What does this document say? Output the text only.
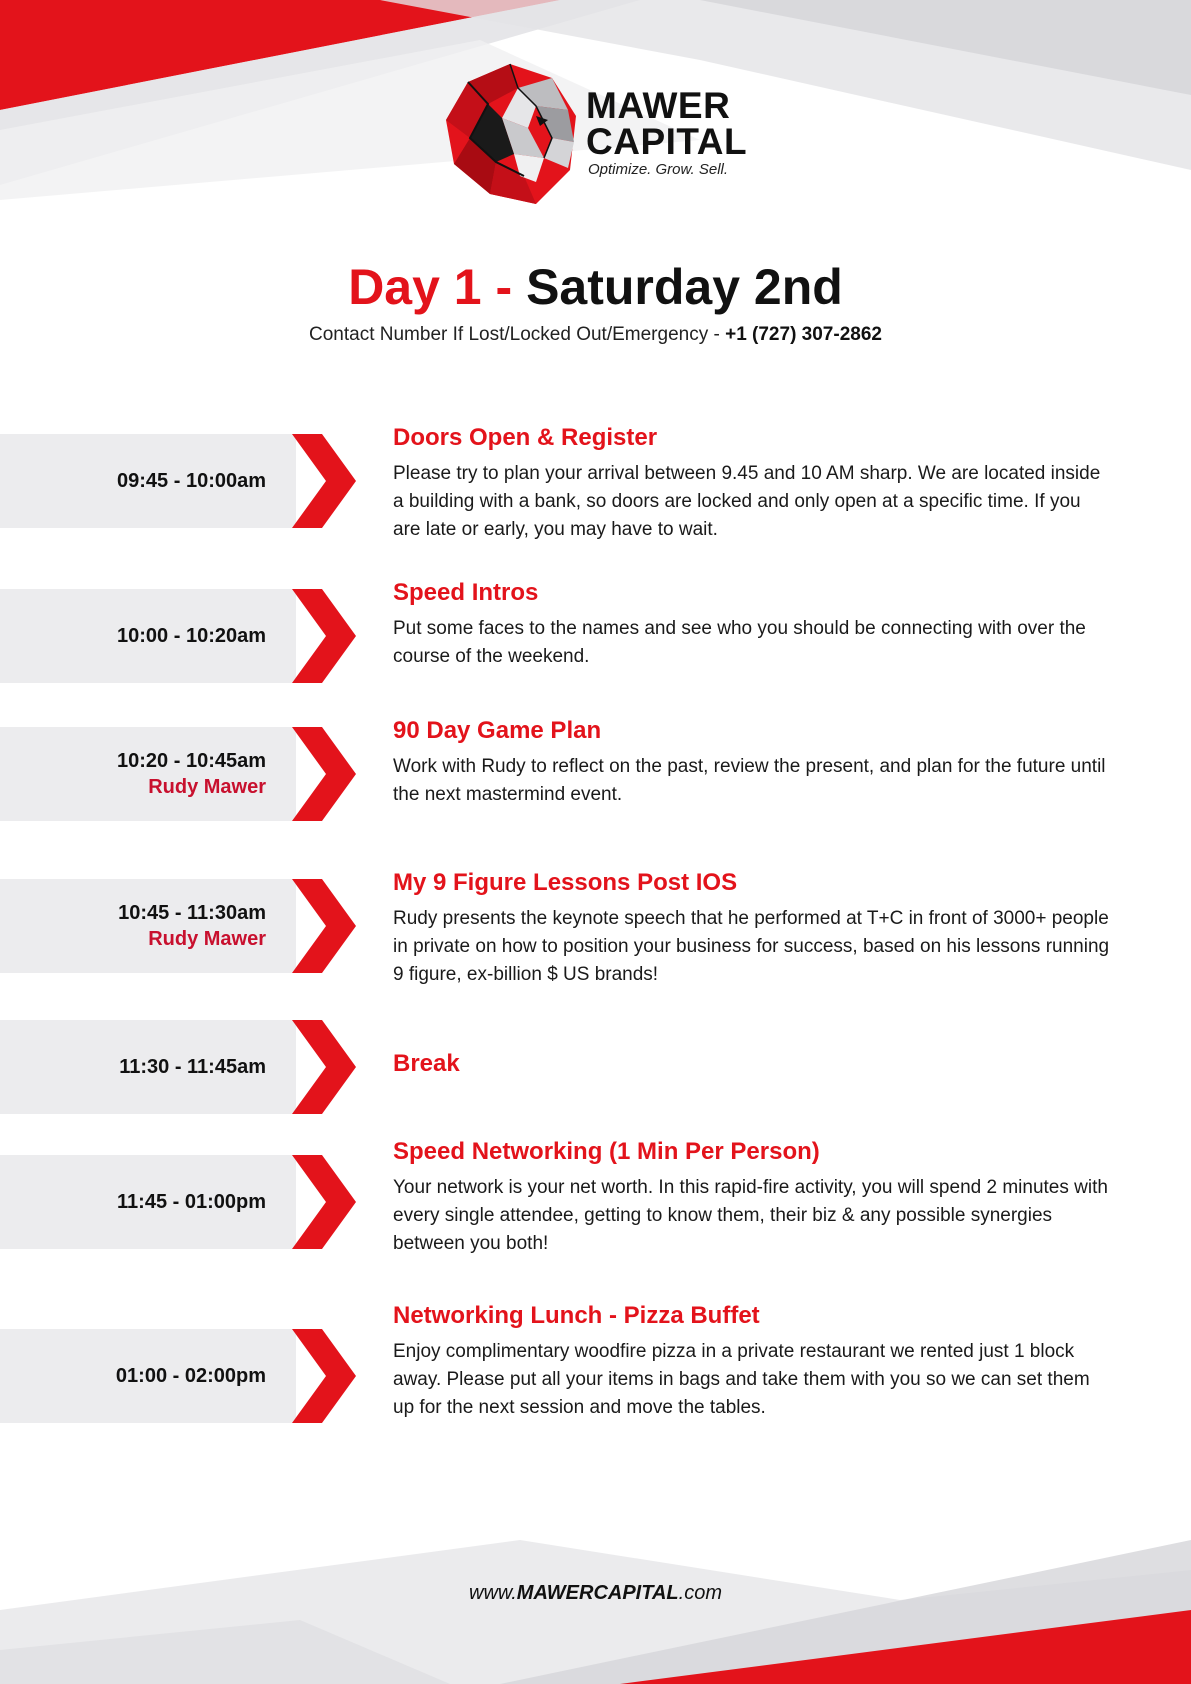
MAWER
CAPITAL
Optimize. Grow. Sell.
Day 1 - Saturday 2nd
Contact Number If Lost/Locked Out/Emergency - +1 (727) 307-2862
09:45 - 10:00am
Doors Open & Register
Please try to plan your arrival between 9.45 and 10 AM sharp. We are located inside a building with a bank, so doors are locked and only open at a specific time. If you are late or early, you may have to wait.
10:00 - 10:20am
Speed Intros
Put some faces to the names and see who you should be connecting with over the course of the weekend.
10:20 - 10:45am
Rudy Mawer
90 Day Game Plan
Work with Rudy to reflect on the past, review the present, and plan for the future until the next mastermind event.
10:45 - 11:30am
Rudy Mawer
My 9 Figure Lessons Post IOS
Rudy presents the keynote speech that he performed at T+C in front of 3000+ people in private on how to position your business for success, based on his lessons running 9 figure, ex-billion $ US brands!
11:30 - 11:45am	Break
11:45 - 01:00pm
Speed Networking (1 Min Per Person)
Your network is your net worth. In this rapid-fire activity, you will spend 2 minutes with every single attendee, getting to know them, their biz & any possible synergies between you both!
01:00 - 02:00pm
Networking Lunch - Pizza Buffet
Enjoy complimentary woodfire pizza in a private restaurant we rented just 1 block away. Please put all your items in bags and take them with you so we can set them up for the next session and move the tables.
www.MAWERCAPITAL.com
